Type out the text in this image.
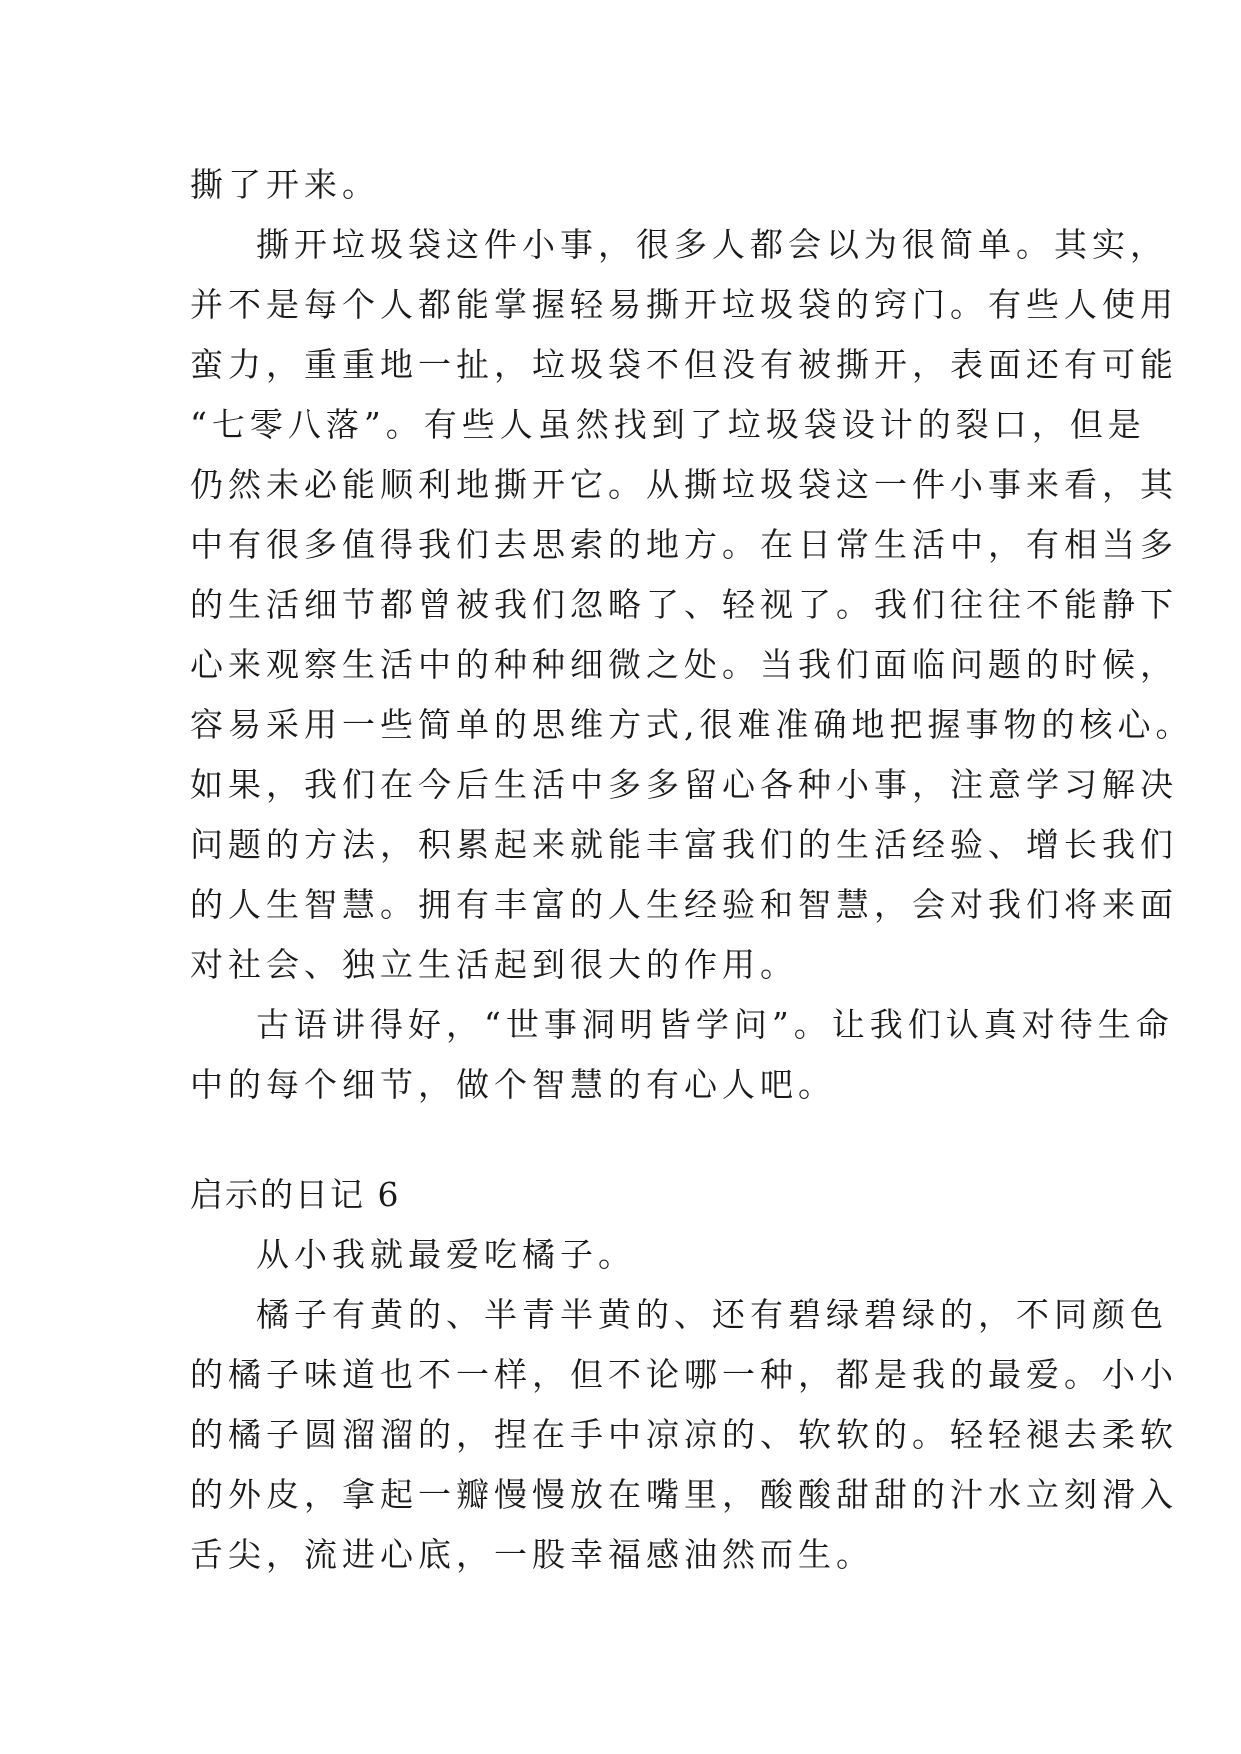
撕了开来。
撕开垃圾袋这件小事，很多人都会以为很简单。其实，
并不是每个人都能掌握轻易撕开垃圾袋的窍门。有些人使用
蛮力，重重地一扯，垃圾袋不但没有被撕开，表面还有可能
“七零八落”。有些人虽然找到了垃圾袋设计的裂口，但是
仍然未必能顺利地撕开它。从撕垃圾袋这一件小事来看，其
中有很多值得我们去思索的地方。在日常生活中，有相当多
的生活细节都曾被我们忽略了、轻视了。我们往往不能静下
心来观察生活中的种种细微之处。当我们面临问题的时候，
容易采用一些简单的思维方式,很难准确地把握事物的核心。
如果，我们在今后生活中多多留心各种小事，注意学习解决
问题的方法，积累起来就能丰富我们的生活经验、增长我们
的人生智慧。拥有丰富的人生经验和智慧，会对我们将来面
对社会、独立生活起到很大的作用。
古语讲得好，“世事洞明皆学问”。让我们认真对待生命
中的每个细节，做个智慧的有心人吧。
启示的日记 6
从小我就最爱吃橘子。
橘子有黄的、半青半黄的、还有碧绿碧绿的，不同颜色
的橘子味道也不一样，但不论哪一种，都是我的最爱。小小
的橘子圆溜溜的，捏在手中凉凉的、软软的。轻轻褪去柔软
的外皮，拿起一瓣慢慢放在嘴里，酸酸甜甜的汁水立刻滑入
舌尖，流进心底，一股幸福感油然而生。
